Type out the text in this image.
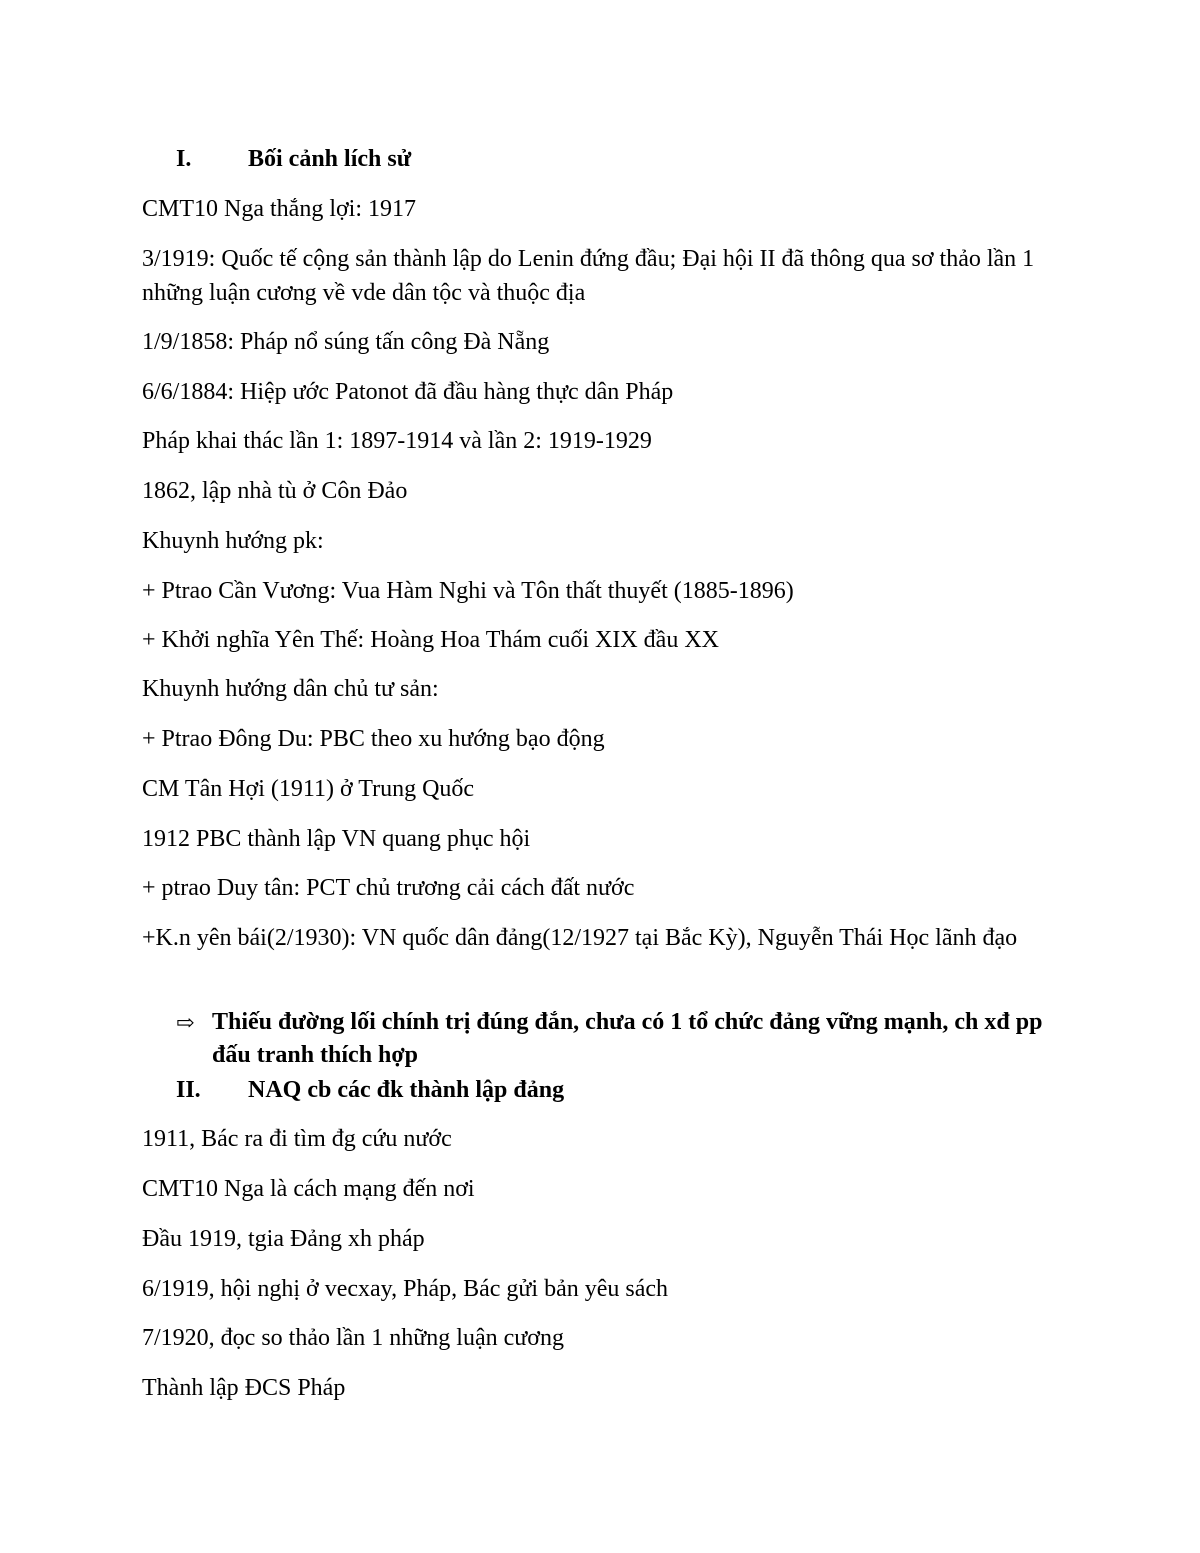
I. Bối cảnh lích sử
CMT10 Nga thắng lợi: 1917
3/1919: Quốc tế cộng sản thành lập do Lenin đứng đầu; Đại hội II đã thông qua sơ thảo lần 1 những luận cương về vde dân tộc và thuộc địa
1/9/1858: Pháp nổ súng tấn công Đà Nẵng
6/6/1884: Hiệp ước Patonot đã đầu hàng thực dân Pháp
Pháp khai thác lần 1: 1897-1914 và lần 2: 1919-1929
1862, lập nhà tù ở Côn Đảo
Khuynh hướng pk:
+ Ptrao Cần Vương: Vua Hàm Nghi và Tôn thất thuyết (1885-1896)
+ Khởi nghĩa Yên Thế: Hoàng Hoa Thám cuối XIX đầu XX
Khuynh hướng dân chủ tư sản:
+ Ptrao Đông Du: PBC theo xu hướng bạo động
CM Tân Hợi (1911) ở Trung Quốc
1912 PBC thành lập VN quang phục hội
+ ptrao Duy tân: PCT chủ trương cải cách đất nước
+K.n yên bái(2/1930): VN quốc dân đảng(12/1927 tại Bắc Kỳ), Nguyễn Thái Học lãnh đạo
⇨ Thiếu đường lối chính trị đúng đắn, chưa có 1 tổ chức đảng vững mạnh, ch xđ pp đấu tranh thích hợp
II. NAQ cb các đk thành lập đảng
1911, Bác ra đi tìm đg cứu nước
CMT10 Nga là cách mạng đến nơi
Đầu 1919, tgia Đảng xh pháp
6/1919, hội nghị ở vecxay, Pháp, Bác gửi bản yêu sách
7/1920, đọc so thảo lần 1 những luận cương
Thành lập ĐCS Pháp
